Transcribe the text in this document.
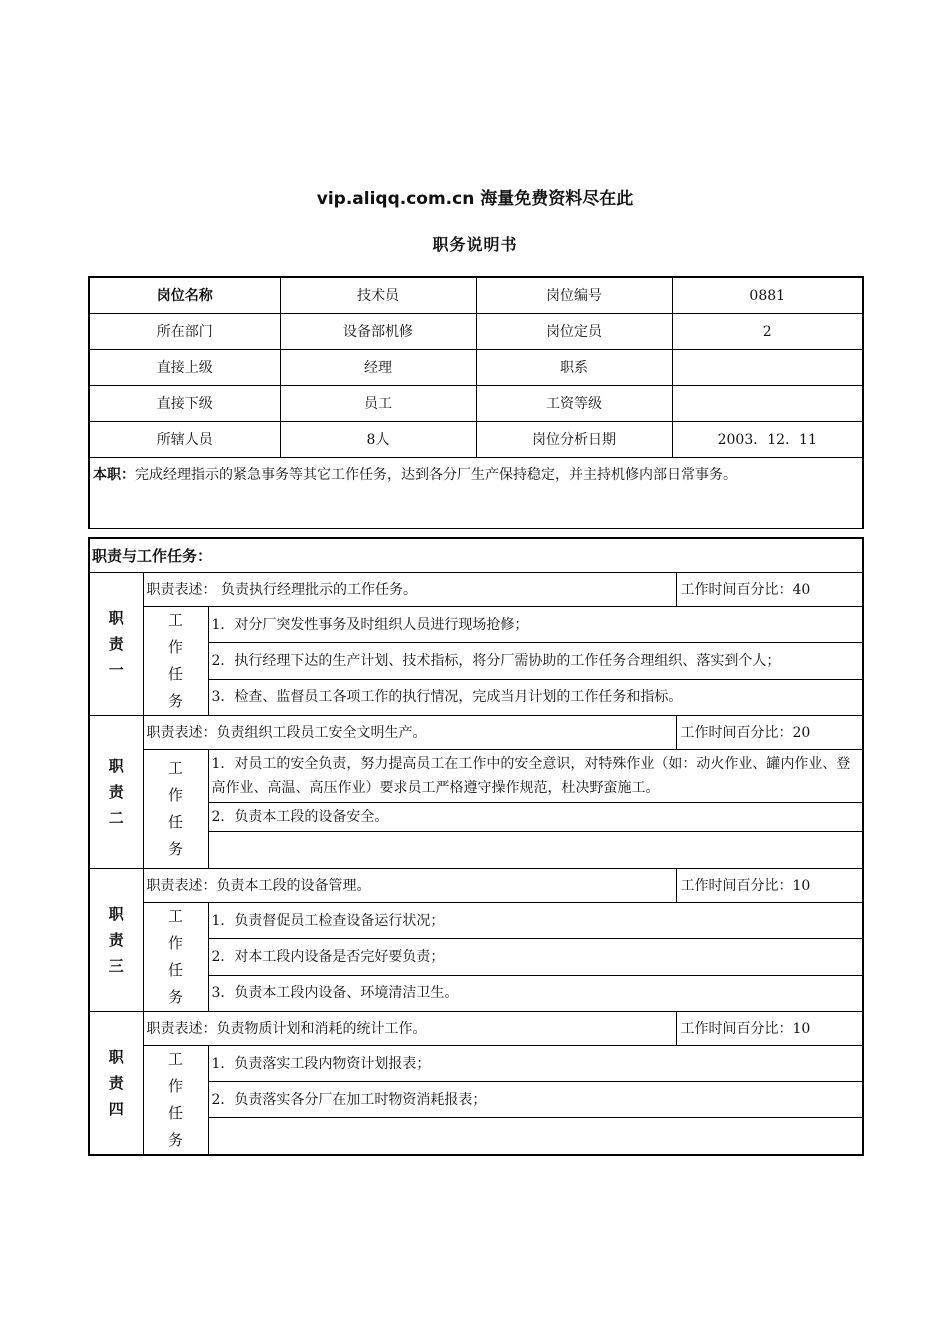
vip.aliqq.com.cn 海量免费资料尽在此
职务说明书
岗位名称	技术员	岗位编号	0881
所在部门	设备部机修	岗位定员	2
直接上级	经理	职系	
直接下级	员工	工资等级	
所辖人员	8人	岗位分析日期	2003．12．11
本职：完成经理指示的紧急事务等其它工作任务，达到各分厂生产保持稳定，并主持机修内部日常事务。			
职责与工作任务：			
职责一	职责表述： 负责执行经理批示的工作任务。		工作时间百分比：40
	工作任务	1．对分厂突发性事务及时组织人员进行现场抢修；	
		2．执行经理下达的生产计划、技术指标，将分厂需协助的工作任务合理组织、落实到个人；	
		3．检查、监督员工各项工作的执行情况，完成当月计划的工作任务和指标。	
职责二	职责表述：负责组织工段员工安全文明生产。		工作时间百分比：20
	工作任务	1．对员工的安全负责，努力提高员工在工作中的安全意识，对特殊作业（如：动火作业、罐内作业、登高作业、高温、高压作业）要求员工严格遵守操作规范，杜决野蛮施工。	
		2．负责本工段的设备安全。	

职责三	职责表述：负责本工段的设备管理。		工作时间百分比：10
	工作任务	1．负责督促员工检查设备运行状况；	
		2．对本工段内设备是否完好要负责；	
		3．负责本工段内设备、环境清洁卫生。	
职责四	职责表述：负责物质计划和消耗的统计工作。		工作时间百分比：10
	工作任务	1．负责落实工段内物资计划报表；	
		2．负责落实各分厂在加工时物资消耗报表；	
